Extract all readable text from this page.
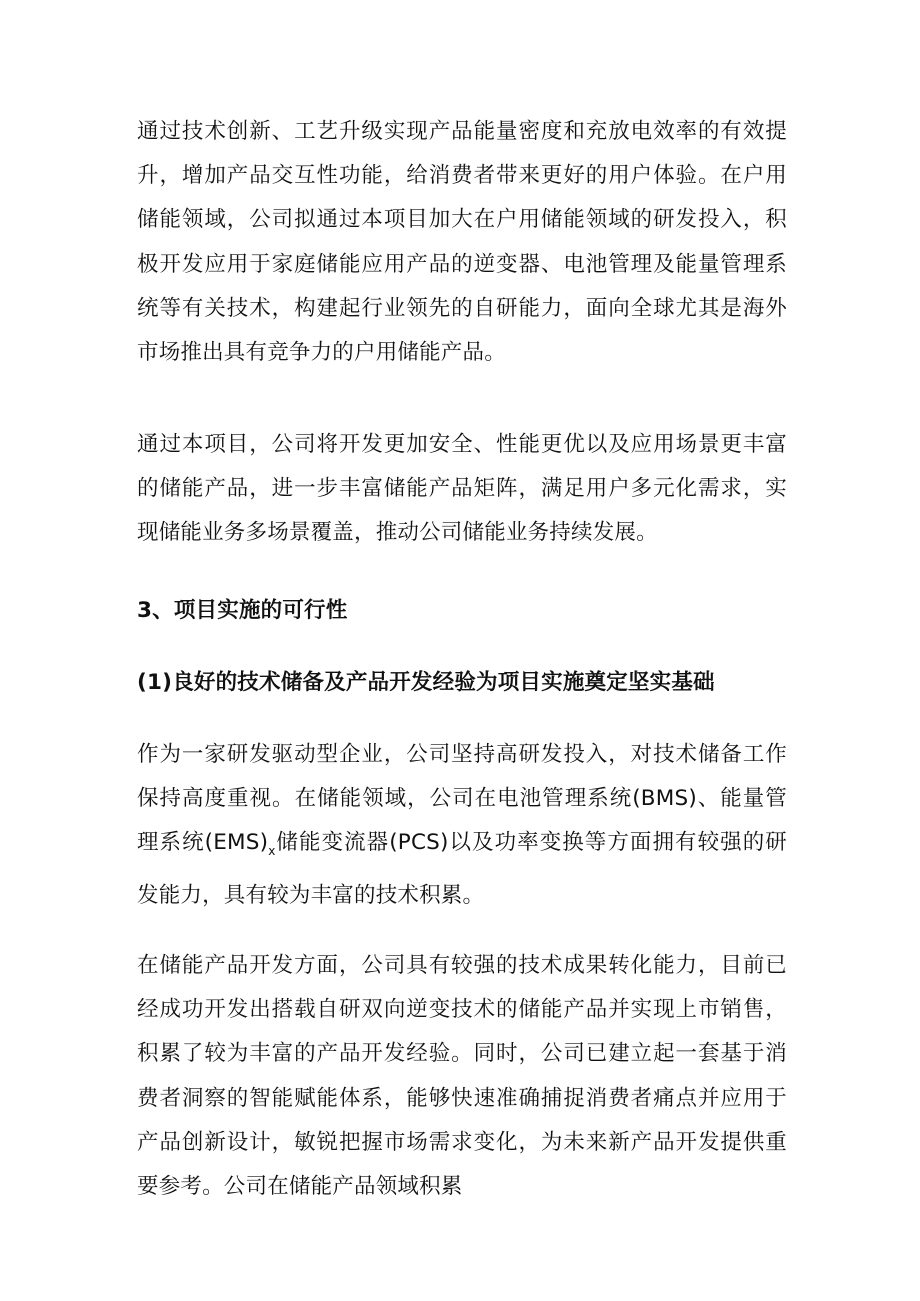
通过技术创新、工艺升级实现产品能量密度和充放电效率的有效提升，增加产品交互性功能，给消费者带来更好的用户体验。在户用储能领域，公司拟通过本项目加大在户用储能领域的研发投入，积极开发应用于家庭储能应用产品的逆变器、电池管理及能量管理系统等有关技术，构建起行业领先的自研能力，面向全球尤其是海外市场推出具有竞争力的户用储能产品。

通过本项目，公司将开发更加安全、性能更优以及应用场景更丰富的储能产品，进一步丰富储能产品矩阵，满足用户多元化需求，实现储能业务多场景覆盖，推动公司储能业务持续发展。

3、项目实施的可行性
(1)良好的技术储备及产品开发经验为项目实施奠定坚实基础

作为一家研发驱动型企业，公司坚持高研发投入，对技术储备工作保持高度重视。在储能领域，公司在电池管理系统(BMS)、能量管理系统$(EMS)_x$储能变流器(PCS)以及功率变换等方面拥有较强的研发能力，具有较为丰富的技术积累。

在储能产品开发方面，公司具有较强的技术成果转化能力，目前已经成功开发出搭载自研双向逆变技术的储能产品并实现上市销售，积累了较为丰富的产品开发经验。同时，公司已建立起一套基于消费者洞察的智能赋能体系，能够快速准确捕捉消费者痛点并应用于产品创新设计，敏锐把握市场需求变化，为未来新产品开发提供重要参考。公司在储能产品领域积累
